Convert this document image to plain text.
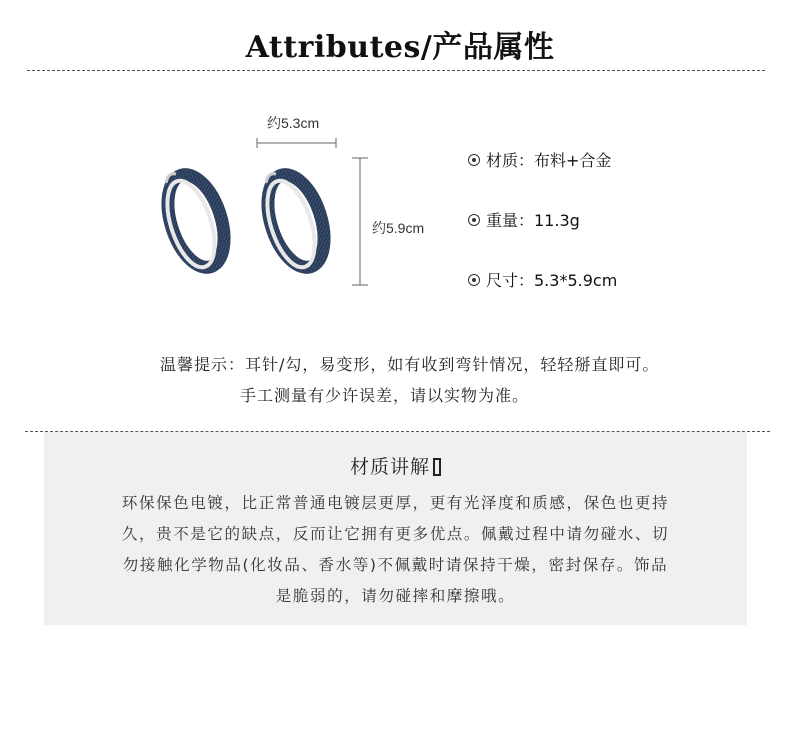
Attributes/产品属性
约5.3cm
约5.9cm
材质：布料+合金
重量：11.3g
尺寸：5.3*5.9cm
温馨提示：耳针/勾，易变形，如有收到弯针情况，轻轻掰直即可。
手工测量有少许误差，请以实物为准。
材质讲解
环保保色电镀，比正常普通电镀层更厚，更有光泽度和质感，保色也更持
久，贵不是它的缺点，反而让它拥有更多优点。佩戴过程中请勿碰水、切
勿接触化学物品(化妆品、香水等)不佩戴时请保持干燥，密封保存。饰品
是脆弱的，请勿碰摔和摩擦哦。
